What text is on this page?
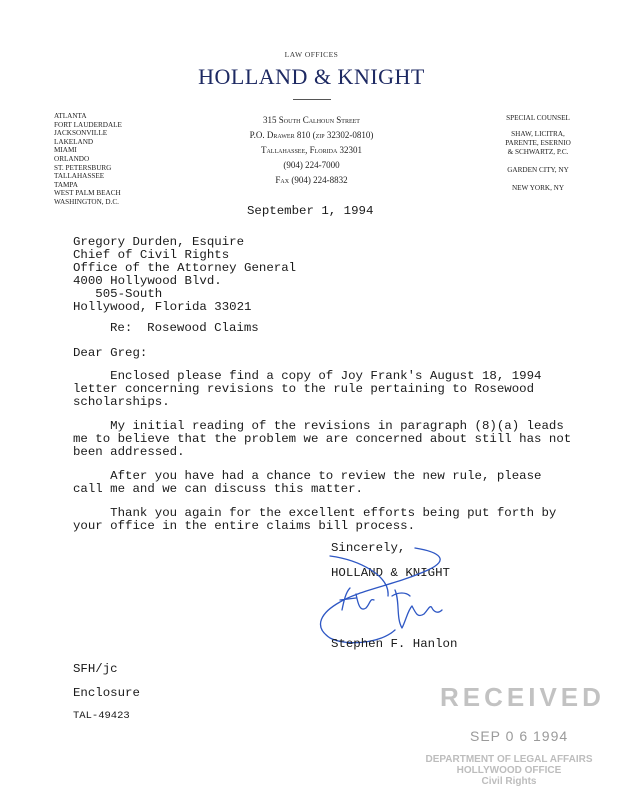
LAW OFFICES
HOLLAND & KNIGHT
ATLANTA
FORT LAUDERDALE
JACKSONVILLE
LAKELAND
MIAMI
ORLANDO
ST. PETERSBURG
TALLAHASSEE
TAMPA
WEST PALM BEACH
WASHINGTON, D.C.
315 South Calhoun Street
P.O. Drawer 810 (zip 32302-0810)
Tallahassee, Florida 32301
(904) 224-7000
Fax (904) 224-8832
SPECIAL COUNSEL
SHAW, LICITRA,
PARENTE, ESERNIO
& SCHWARTZ, P.C.
GARDEN CITY, NY
NEW YORK, NY
September 1, 1994
Gregory Durden, Esquire
Chief of Civil Rights
Office of the Attorney General
4000 Hollywood Blvd.
505-South
Hollywood, Florida 33021
Re:  Rosewood Claims
Dear Greg:
Enclosed please find a copy of Joy Frank's August 18, 1994
letter concerning revisions to the rule pertaining to Rosewood
scholarships.
My initial reading of the revisions in paragraph (8)(a) leads
me to believe that the problem we are concerned about still has not
been addressed.
After you have had a chance to review the new rule, please
call me and we can discuss this matter.
Thank you again for the excellent efforts being put forth by
your office in the entire claims bill process.
Sincerely,
HOLLAND & KNIGHT
Stephen F. Hanlon
SFH/jc
Enclosure
TAL-49423
RECEIVED
SEP 0 6 1994
DEPARTMENT OF LEGAL AFFAIRS
HOLLYWOOD OFFICE
Civil Rights
